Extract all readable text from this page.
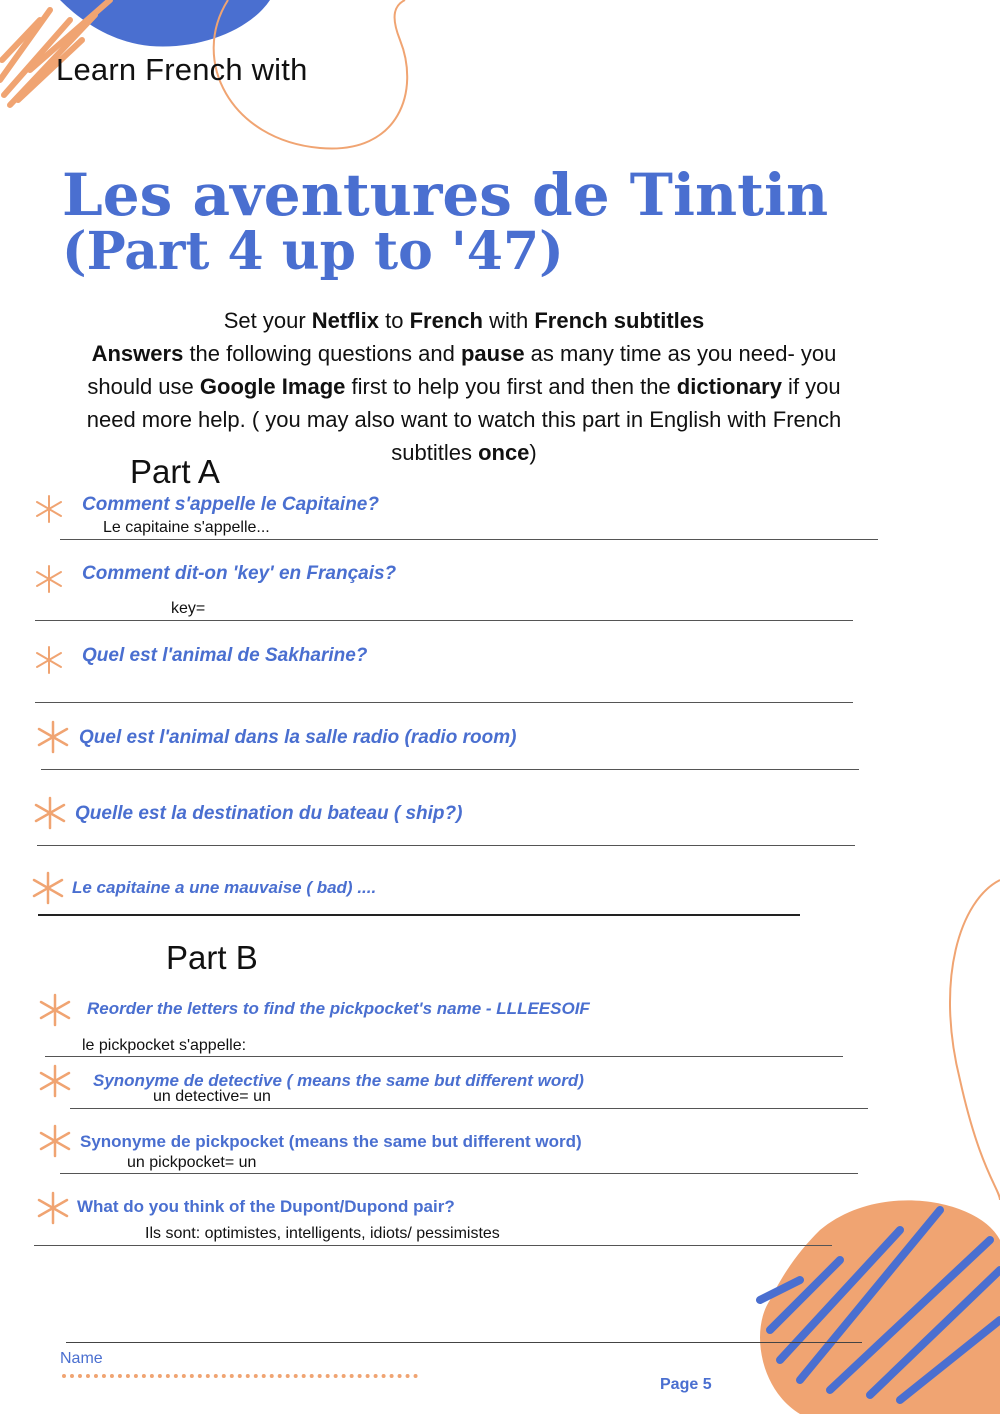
Learn French with
Les aventures de Tintin
(Part 4 up to '47)
Set your Netflix to French with French subtitles
Answers the following questions and pause as many time as you need- you
should use Google Image first to help you first and then the dictionary if you
need more help. ( you may also want to watch this part in English with French
subtitles once)
Part A
Comment s'appelle le Capitaine?
Le capitaine s'appelle...
Comment dit-on 'key' en Français?
key=
Quel est l'animal de Sakharine?
Quel est l'animal dans la salle radio (radio room)
Quelle est la destination du bateau ( ship?)
Le capitaine a une mauvaise ( bad) ....
Part B
Reorder the letters to find the pickpocket's name - LLLEESOIF
le pickpocket s'appelle:
Synonyme de detective ( means the same but different word)
un detective= un
Synonyme de pickpocket (means the same but different word)
un pickpocket= un
What do you think of the Dupont/Dupond pair?
Ils sont: optimistes, intelligents, idiots/ pessimistes
Name
Page 5
